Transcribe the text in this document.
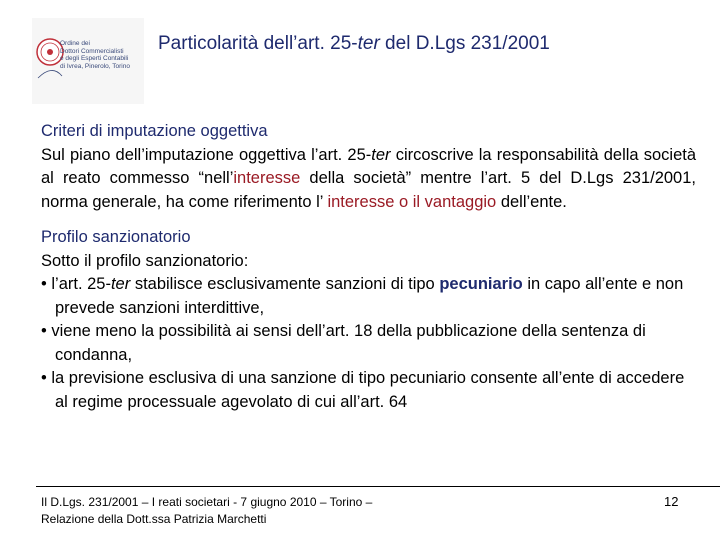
Ordine dei
Dottori Commercialisti
e degli Esperti Contabili
di Ivrea, Pinerolo, Torino
Particolarità dell’art. 25-ter del D.Lgs 231/2001
Criteri di imputazione oggettiva
Sul piano dell’imputazione oggettiva l’art. 25-ter circoscrive la responsabilità della società al reato commesso “nell’interesse della società” mentre l’art. 5 del D.Lgs 231/2001, norma generale, ha come riferimento l’ interesse o il vantaggio dell’ente.
Profilo sanzionatorio
Sotto il profilo sanzionatorio:
• l’art. 25-ter stabilisce esclusivamente sanzioni di tipo pecuniario in capo all’ente e non prevede sanzioni interdittive,
• viene meno la possibilità ai sensi dell’art. 18 della pubblicazione della sentenza di condanna,
• la previsione esclusiva di una sanzione di tipo pecuniario consente all’ente di accedere al regime processuale agevolato di cui all’art. 64
Il D.Lgs. 231/2001 – I reati societari - 7 giugno 2010 – Torino –
Relazione della Dott.ssa Patrizia Marchetti
12
